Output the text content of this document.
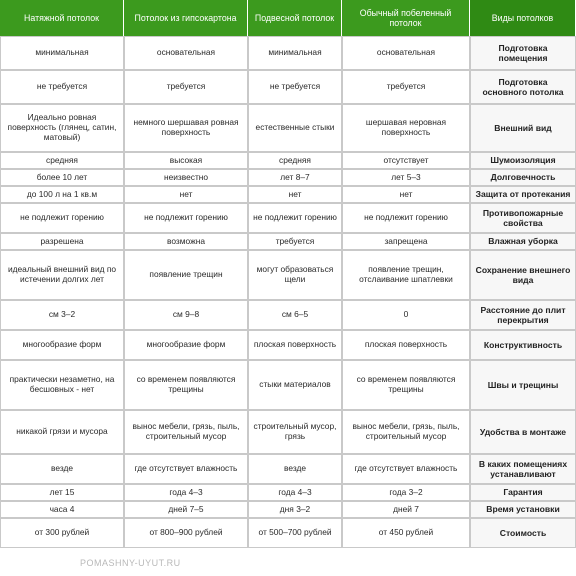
Виды потолков	Обычный побеленный потолок	Подвесной потолок	Потолок из гипсокартона	Натяжной потолок
Подготовка помещения	основательная	минимальная	основательная	минимальная
Подготовка основного потолка	требуется	не требуется	требуется	не требуется
Внешний вид	шершавая неровная поверхность	естественные стыки	немного шершавая ровная поверхность	Идеально ровная поверхность (глянец, сатин, матовый)
Шумоизоляция	отсутствует	средняя	высокая	средняя
Долговечность	3–5 лет	7–8 лет	неизвестно	более 10 лет
Защита от протекания	нет	нет	нет	до 100 л на 1 кв.м
Противопожарные свойства	не подлежит горению	не подлежит горению	не подлежит горению	не подлежит горению
Влажная уборка	запрещена	требуется	возможна	разрешена
Сохранение внешнего вида	появление трещин, отслаивание шпатлевки	могут образоваться щели	появление трещин	идеальный внешний вид по истечении долгих лет
Расстояние до плит перекрытия	0	5–6 см	8–9 см	2–3 см
Конструктивность	плоская поверхность	плоская поверхность	многообразие форм	многообразие форм
Швы и трещины	со временем появляются трещины	стыки материалов	со временем появляются трещины	практически незаметно, на бесшовных - нет
Удобства в монтаже	вынос мебели, грязь, пыль, строительный мусор	строительный мусор, грязь	вынос мебели, грязь, пыль, строительный мусор	никакой грязи и мусора
В каких помещениях устанавливают	где отсутствует влажность	везде	где отсутствует влажность	везде
Гарантия	2–3 года	3–4 года	3–4 года	15 лет
Время установки	7 дней	2–3 дня	5–7 дней	4 часа
Стоимость	от 450 рублей	от 500–700 рублей	от 800–900 рублей	от 300 рублей
POMASHNY-UYUT.RU
